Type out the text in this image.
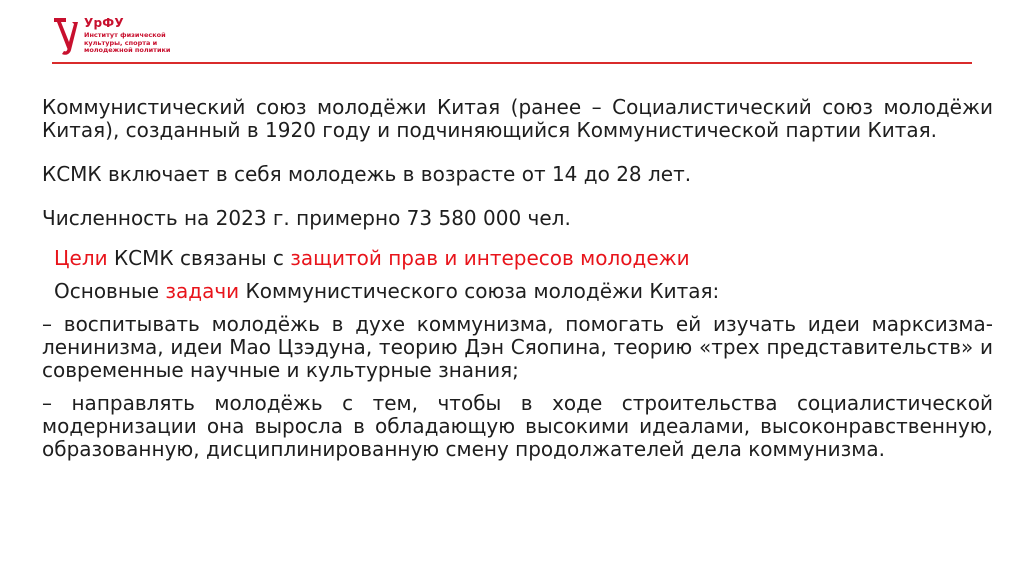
УрФУ
Институт физической
культуры, спорта и
молодежной политики

Коммунистический союз молодёжи Китая (ранее – Социалистический союз молодёжи Китая), созданный в 1920 году и подчиняющийся Коммунистической партии Китая.

КСМК включает в себя молодежь в возрасте от 14 до 28 лет.

Численность на 2023 г. примерно 73 580 000 чел.

Цели КСМК связаны с защитой прав и интересов молодежи

Основные задачи Коммунистического союза молодёжи Китая:

– воспитывать молодёжь в духе коммунизма, помогать ей изучать идеи марксизма-ленинизма, идеи Мао Цзэдуна, теорию Дэн Сяопина, теорию «трех представительств» и современные научные и культурные знания;

– направлять молодёжь с тем, чтобы в ходе строительства социалистической модернизации она выросла в обладающую высокими идеалами, высоконравственную, образованную, дисциплинированную смену продолжателей дела коммунизма.
